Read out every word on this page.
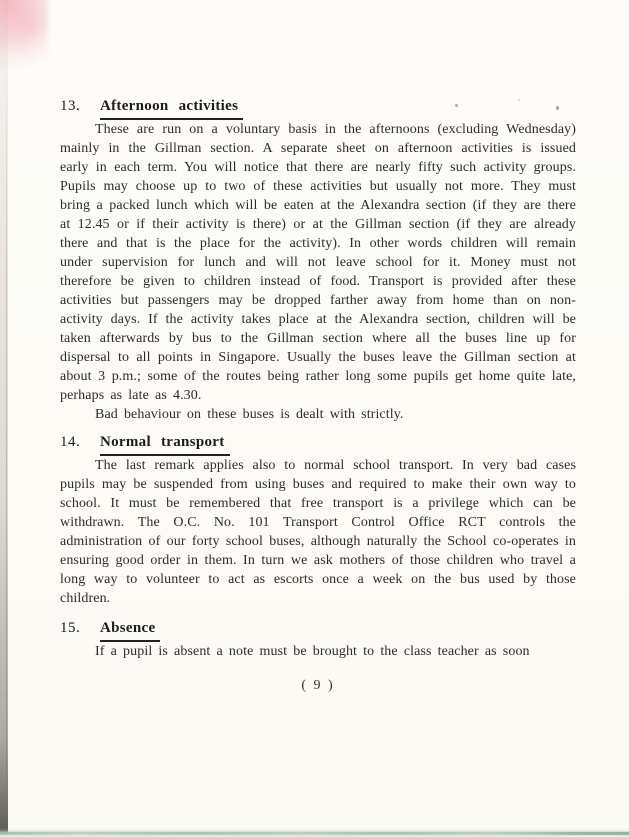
13.	Afternoon activities

These are run on a voluntary basis in the afternoons (excluding Wednesday) mainly in the Gillman section. A separate sheet on afternoon activities is issued early in each term. You will notice that there are nearly fifty such activity groups. Pupils may choose up to two of these activities but usually not more. They must bring a packed lunch which will be eaten at the Alexandra section (if they are there at 12.45 or if their activity is there) or at the Gillman section (if they are already there and that is the place for the activity). In other words children will remain under supervision for lunch and will not leave school for it. Money must not therefore be given to children instead of food. Transport is provided after these activities but passengers may be dropped farther away from home than on non-activity days. If the activity takes place at the Alexandra section, children will be taken afterwards by bus to the Gillman section where all the buses line up for dispersal to all points in Singapore. Usually the buses leave the Gillman section at about 3 p.m.; some of the routes being rather long some pupils get home quite late, perhaps as late as 4.30.

Bad behaviour on these buses is dealt with strictly.

14.	Normal transport

The last remark applies also to normal school transport. In very bad cases pupils may be suspended from using buses and required to make their own way to school. It must be remembered that free transport is a privilege which can be withdrawn. The O.C. No. 101 Transport Control Office RCT controls the administration of our forty school buses, although naturally the School co-operates in ensuring good order in them. In turn we ask mothers of those children who travel a long way to volunteer to act as escorts once a week on the bus used by those children.

15.	Absence

If a pupil is absent a note must be brought to the class teacher as soon

( 9 )
